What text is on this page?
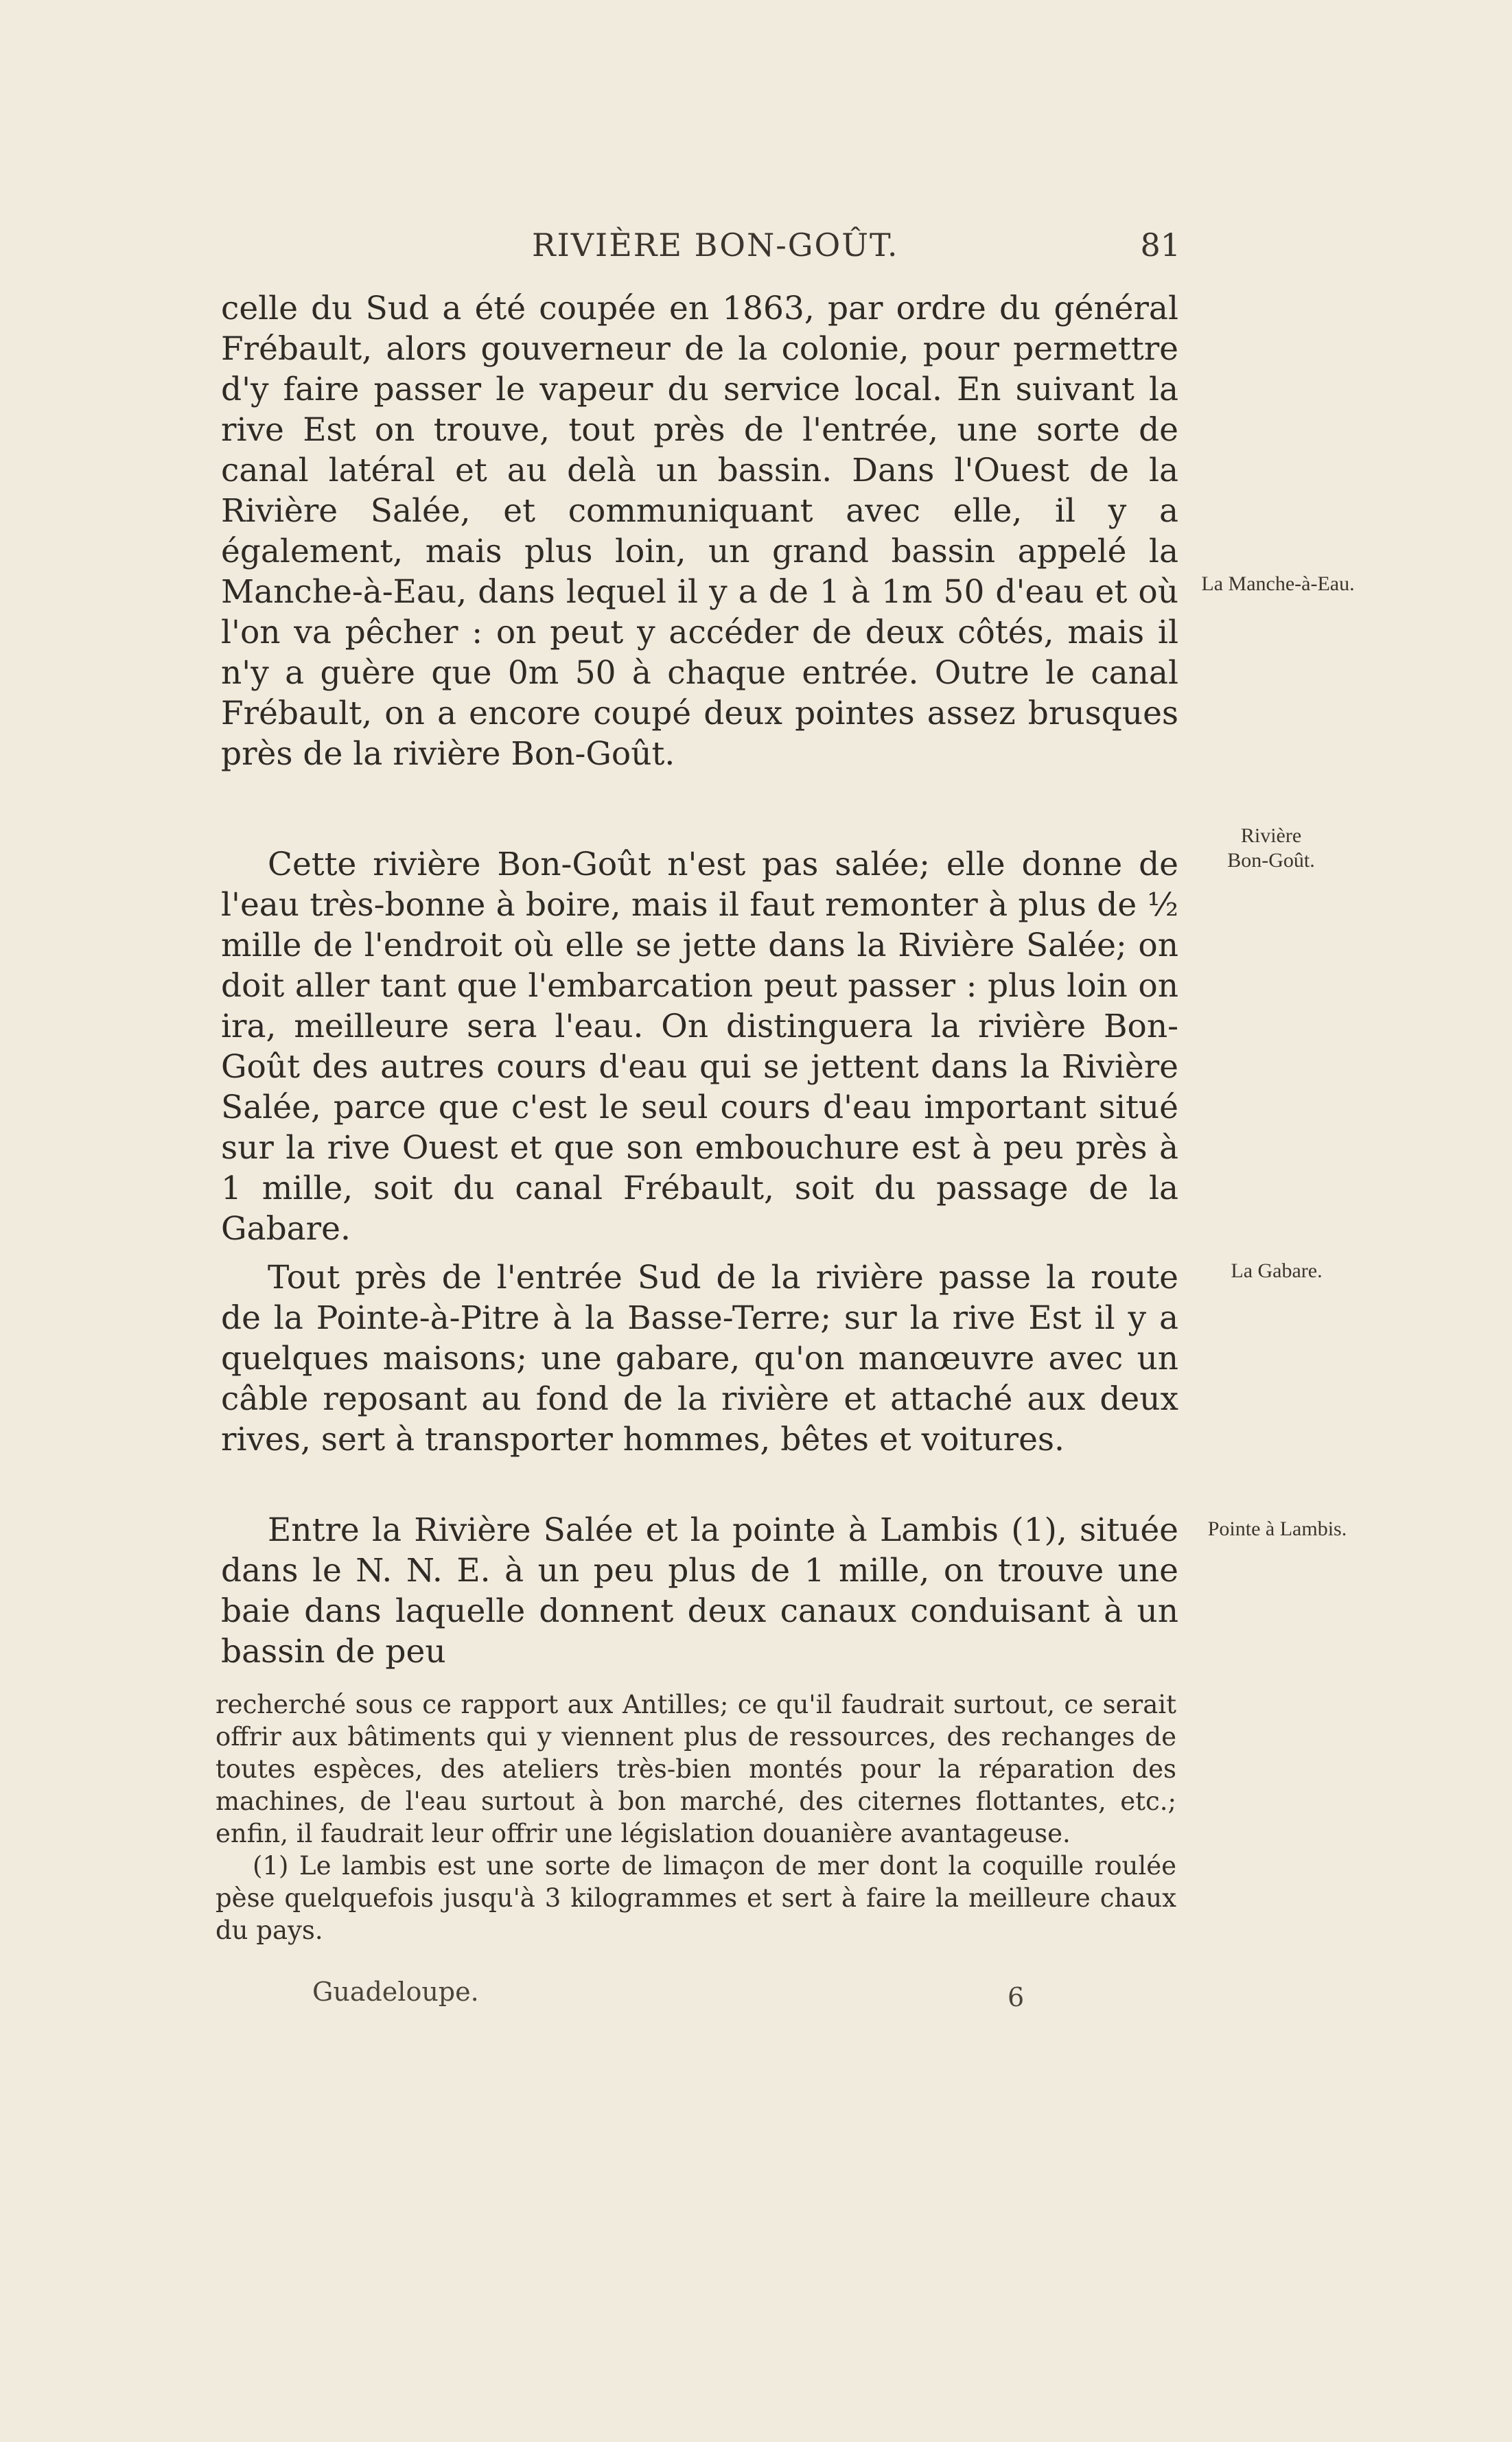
RIVIÈRE BON-GOÛT.	81

celle du Sud a été coupée en 1863, par ordre du général Frébault, alors gouverneur de la colonie, pour permettre d'y faire passer le vapeur du service local. En suivant la rive Est on trouve, tout près de l'entrée, une sorte de canal latéral et au delà un bassin. Dans l'Ouest de la Rivière Salée, et communiquant avec elle, il y a également, mais plus loin, un grand bassin appelé la Manche-à-Eau, dans lequel il y a de 1 à 1m 50 d'eau et où l'on va pêcher : on peut y accéder de deux côtés, mais il n'y a guère que 0m 50 à chaque entrée. Outre le canal Frébault, on a encore coupé deux pointes assez brusques près de la rivière Bon-Goût.

Cette rivière Bon-Goût n'est pas salée; elle donne de l'eau très-bonne à boire, mais il faut remonter à plus de ½ mille de l'endroit où elle se jette dans la Rivière Salée; on doit aller tant que l'embarcation peut passer : plus loin on ira, meilleure sera l'eau. On distinguera la rivière Bon-Goût des autres cours d'eau qui se jettent dans la Rivière Salée, parce que c'est le seul cours d'eau important situé sur la rive Ouest et que son embouchure est à peu près à 1 mille, soit du canal Frébault, soit du passage de la Gabare.

Tout près de l'entrée Sud de la rivière passe la route de la Pointe-à-Pitre à la Basse-Terre; sur la rive Est il y a quelques maisons; une gabare, qu'on manœuvre avec un câble reposant au fond de la rivière et attaché aux deux rives, sert à transporter hommes, bêtes et voitures.

Entre la Rivière Salée et la pointe à Lambis (1), située dans le N. N. E. à un peu plus de 1 mille, on trouve une baie dans laquelle donnent deux canaux conduisant à un bassin de peu

La Manche-à-Eau.
Rivière
Bon-Goût.
La Gabare.
Pointe à Lambis.

recherché sous ce rapport aux Antilles; ce qu'il faudrait surtout, ce serait offrir aux bâtiments qui y viennent plus de ressources, des rechanges de toutes espèces, des ateliers très-bien montés pour la réparation des machines, de l'eau surtout à bon marché, des citernes flottantes, etc.; enfin, il faudrait leur offrir une législation douanière avantageuse.

(1) Le lambis est une sorte de limaçon de mer dont la coquille roulée pèse quelquefois jusqu'à 3 kilogrammes et sert à faire la meilleure chaux du pays.

Guadeloupe.	6
